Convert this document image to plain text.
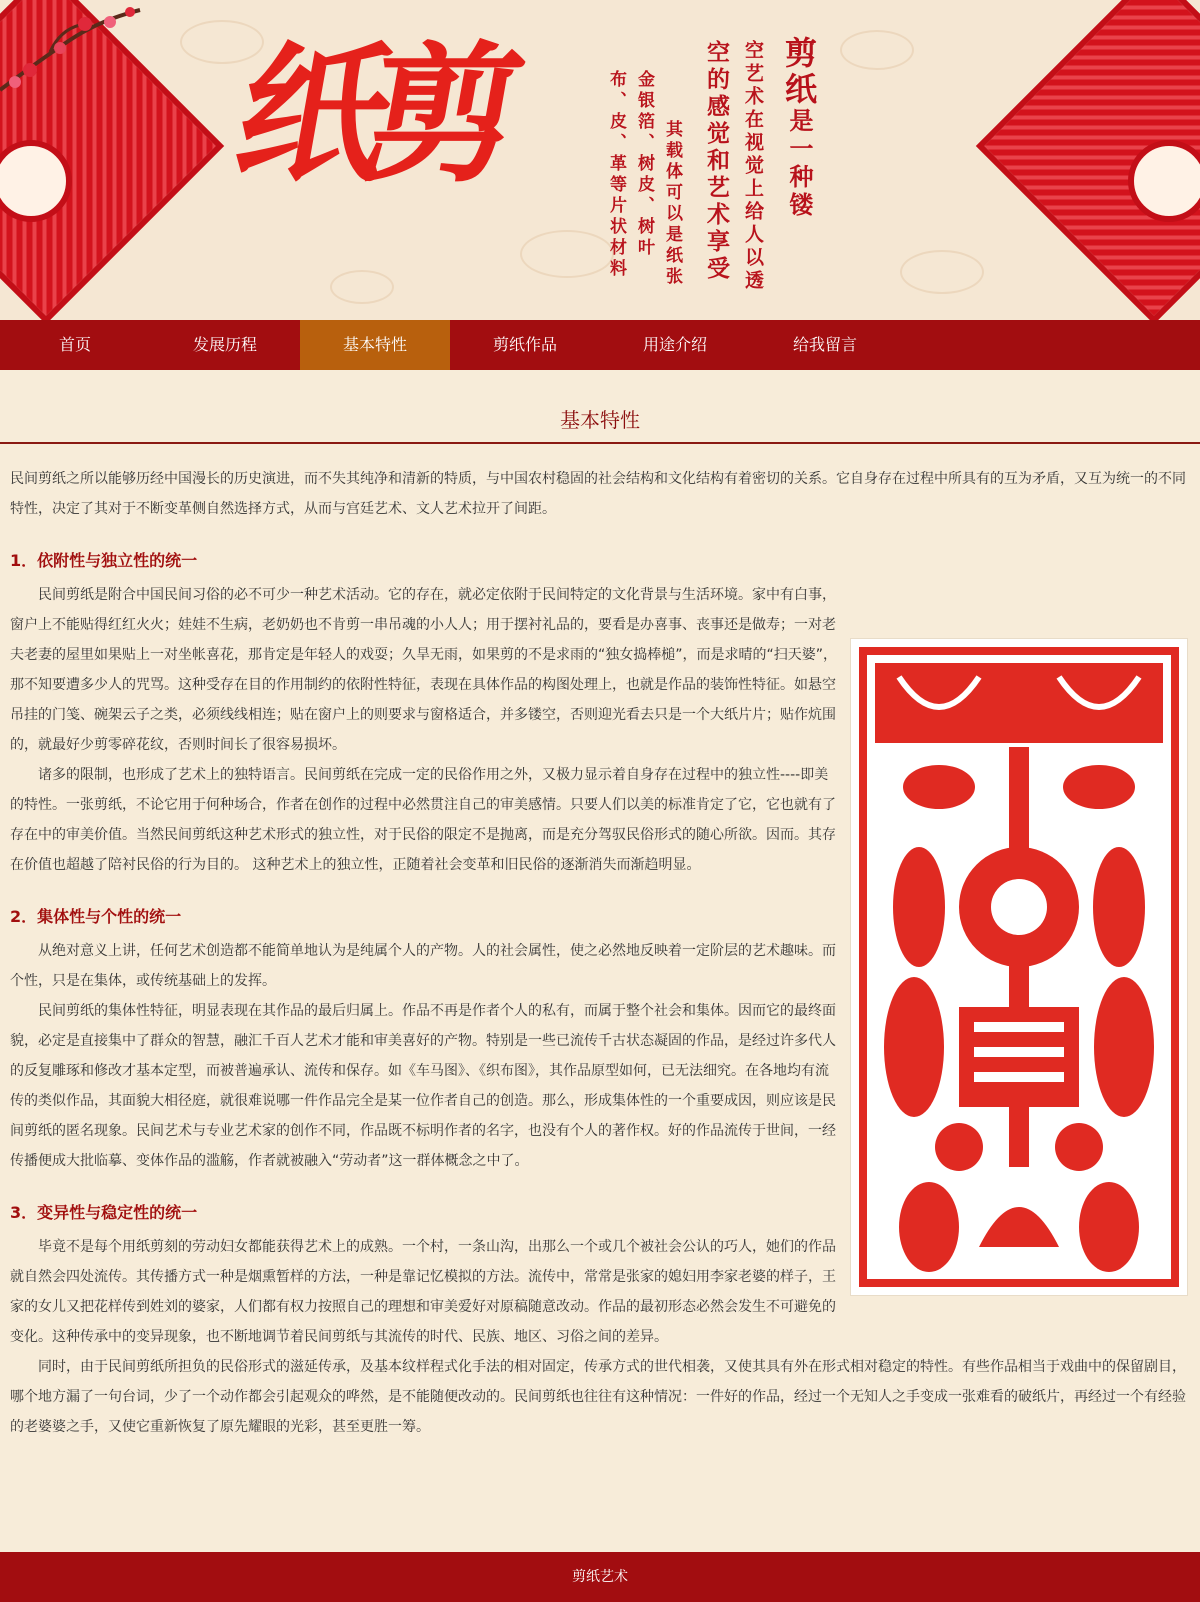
纸剪	剪纸是一种镂
空艺术在视觉上给人以透
空的感觉和艺术享受
其载体可以是纸张
金银箔、树皮、树叶
布、皮、革等片状材料
首页	发展历程	基本特性	剪纸作品	用途介绍	给我留言
基本特性

民间剪纸之所以能够历经中国漫长的历史演进，而不失其纯净和清新的特质，与中国农村稳固的社会结构和文化结构有着密切的关系。它自身存在过程中所具有的互为矛盾，又互为统一的不同特性，决定了其对于不断变革侧自然选择方式，从而与宫廷艺术、文人艺术拉开了间距。

1．依附性与独立性的统一

民间剪纸是附合中国民间习俗的必不可少一种艺术活动。它的存在，就必定依附于民间特定的文化背景与生活环境。家中有白事，窗户上不能贴得红红火火；娃娃不生病，老奶奶也不肯剪一串吊魂的小人人；用于摆衬礼品的，要看是办喜事、丧事还是做寿；一对老夫老妻的屋里如果贴上一对坐帐喜花，那肯定是年轻人的戏耍；久旱无雨，如果剪的不是求雨的“独女捣棒槌”，而是求晴的“扫天婆”，那不知要遭多少人的咒骂。这种受存在目的作用制约的依附性特征，表现在具体作品的构图处理上，也就是作品的装饰性特征。如悬空吊挂的门笺、碗架云子之类，必须线线相连；贴在窗户上的则要求与窗格适合，并多镂空，否则迎光看去只是一个大纸片片；贴作炕围的，就最好少剪零碎花纹，否则时间长了很容易损坏。

诸多的限制，也形成了艺术上的独特语言。民间剪纸在完成一定的民俗作用之外，又极力显示着自身存在过程中的独立性----即美的特性。一张剪纸，不论它用于何种场合，作者在创作的过程中必然贯注自己的审美感情。只要人们以美的标准肯定了它，它也就有了存在中的审美价值。当然民间剪纸这种艺术形式的独立性，对于民俗的限定不是抛离，而是充分驾驭民俗形式的随心所欲。因而。其存在价值也超越了陪衬民俗的行为目的。 这种艺术上的独立性，正随着社会变革和旧民俗的逐渐消失而渐趋明显。

2．集体性与个性的统一

从绝对意义上讲，任何艺术创造都不能简单地认为是纯属个人的产物。人的社会属性，使之必然地反映着一定阶层的艺术趣味。而个性，只是在集体，或传统基础上的发挥。

民间剪纸的集体性特征，明显表现在其作品的最后归属上。作品不再是作者个人的私有，而属于整个社会和集体。因而它的最终面貌，必定是直接集中了群众的智慧，融汇千百人艺术才能和审美喜好的产物。特别是一些已流传千古状态凝固的作品，是经过许多代人的反复雕琢和修改才基本定型，而被普遍承认、流传和保存。如《车马图》、《织布图》，其作品原型如何，已无法细究。在各地均有流传的类似作品，其面貌大相径庭，就很难说哪一件作品完全是某一位作者自己的创造。那么，形成集体性的一个重要成因，则应该是民间剪纸的匿名现象。民间艺术与专业艺术家的创作不同，作品既不标明作者的名字，也没有个人的著作权。好的作品流传于世间，一经传播便成大批临摹、变体作品的滥觞，作者就被融入“劳动者”这一群体概念之中了。

3．变异性与稳定性的统一

毕竟不是每个用纸剪刻的劳动妇女都能获得艺术上的成熟。一个村，一条山沟，出那么一个或几个被社会公认的巧人，她们的作品就自然会四处流传。其传播方式一种是烟熏暂样的方法，一种是靠记忆模拟的方法。流传中，常常是张家的媳妇用李家老婆的样子，王家的女儿又把花样传到姓刘的婆家，人们都有权力按照自己的理想和审美爱好对原稿随意改动。作品的最初形态必然会发生不可避免的变化。这种传承中的变异现象，也不断地调节着民间剪纸与其流传的时代、民族、地区、习俗之间的差异。

同时，由于民间剪纸所担负的民俗形式的滋延传承，及基本纹样程式化手法的相对固定，传承方式的世代相袭，又使其具有外在形式相对稳定的特性。有些作品相当于戏曲中的保留剧目，哪个地方漏了一句台词，少了一个动作都会引起观众的哗然，是不能随便改动的。民间剪纸也往往有这种情况：一件好的作品，经过一个无知人之手变成一张难看的破纸片，再经过一个有经验的老婆婆之手，又使它重新恢复了原先耀眼的光彩，甚至更胜一筹。

剪纸艺术
